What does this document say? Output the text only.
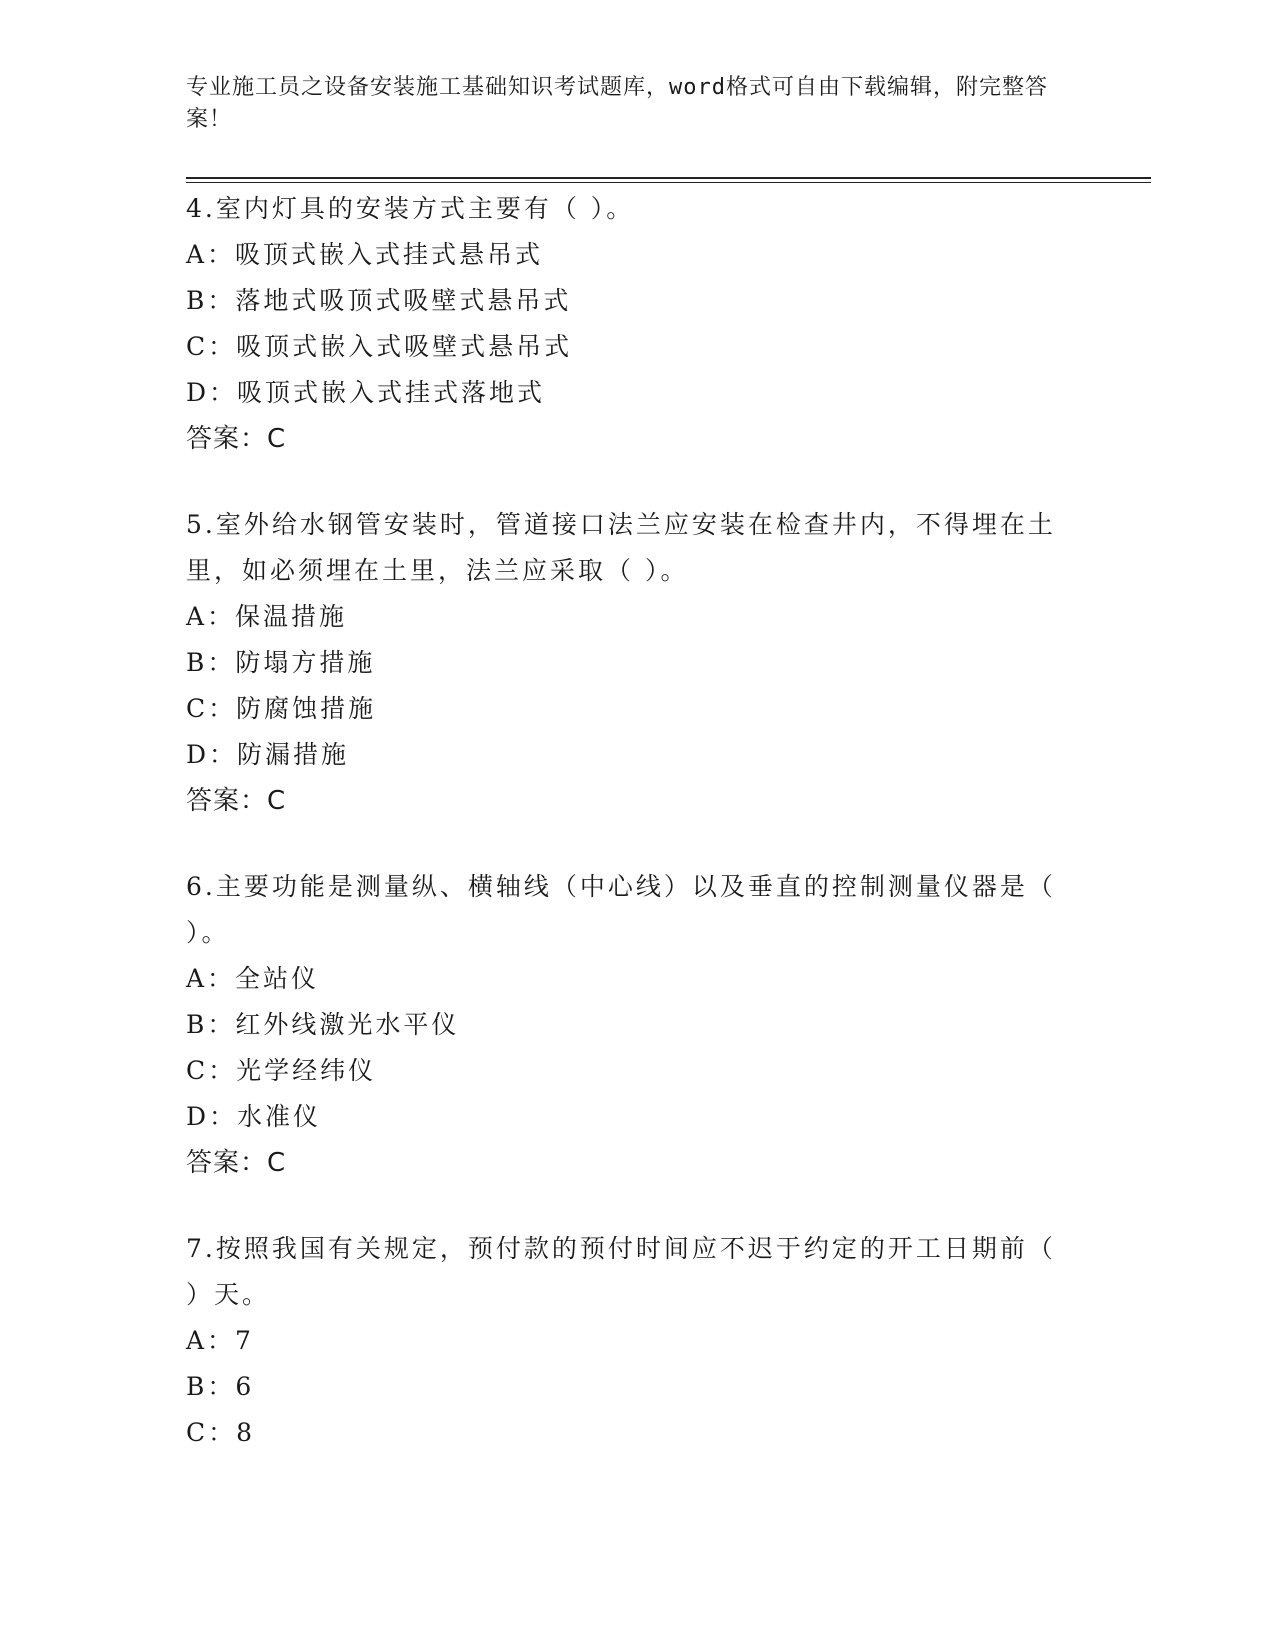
专业施工员之设备安装施工基础知识考试题库，word格式可自由下载编辑，附完整答案！

4.室内灯具的安装方式主要有（ ）。

A：吸顶式嵌入式挂式悬吊式

B：落地式吸顶式吸壁式悬吊式

C：吸顶式嵌入式吸壁式悬吊式

D：吸顶式嵌入式挂式落地式

答案：C

5.室外给水钢管安装时，管道接口法兰应安装在检查井内，不得埋在土里，如必须埋在土里，法兰应采取（ ）。

A：保温措施

B：防塌方措施

C：防腐蚀措施

D：防漏措施

答案：C

6.主要功能是测量纵、横轴线（中心线）以及垂直的控制测量仪器是（ ）。

A：全站仪

B：红外线激光水平仪

C：光学经纬仪

D：水准仪

答案：C

7.按照我国有关规定，预付款的预付时间应不迟于约定的开工日期前（ ）天。

A：7

B：6

C：8
